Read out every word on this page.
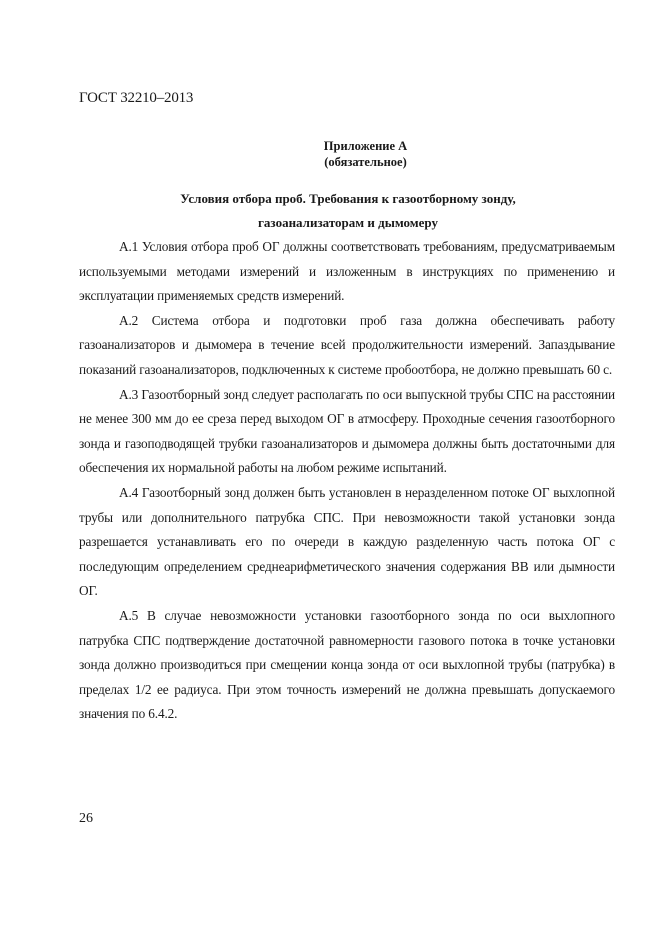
ГОСТ 32210–2013
Приложение А
(обязательное)
Условия отбора проб. Требования к газоотборному зонду,
газоанализаторам и дымомеру

А.1 Условия отбора проб ОГ должны соответствовать требованиям, предусматриваемым используемыми методами измерений и изложенным в инструкциях по применению и эксплуатации применяемых средств измерений.

А.2 Система отбора и подготовки проб газа должна обеспечивать работу газоанализаторов и дымомера в течение всей продолжительности измерений. Запаздывание показаний газоанализаторов, подключенных к системе пробоотбора, не должно превышать 60 с.

А.3 Газоотборный зонд следует располагать по оси выпускной трубы СПС на расстоянии не менее 300 мм до ее среза перед выходом ОГ в атмосферу. Проходные сечения газоотборного зонда и газоподводящей трубки газоанализаторов и дымомера должны быть достаточными для обеспечения их нормальной работы на любом режиме испытаний.

А.4 Газоотборный зонд должен быть установлен в неразделенном потоке ОГ выхлопной трубы или дополнительного патрубка СПС. При невозможности такой установки зонда разрешается устанавливать его по очереди в каждую разделенную часть потока ОГ с последующим определением среднеарифметического значения содержания ВВ или дымности ОГ.

А.5 В случае невозможности установки газоотборного зонда по оси выхлопного патрубка СПС подтверждение достаточной равномерности газового потока в точке установки зонда должно производиться при смещении конца зонда от оси выхлопной трубы (патрубка) в пределах 1/2 ее радиуса. При этом точность измерений не должна превышать допускаемого значения по 6.4.2.

26
